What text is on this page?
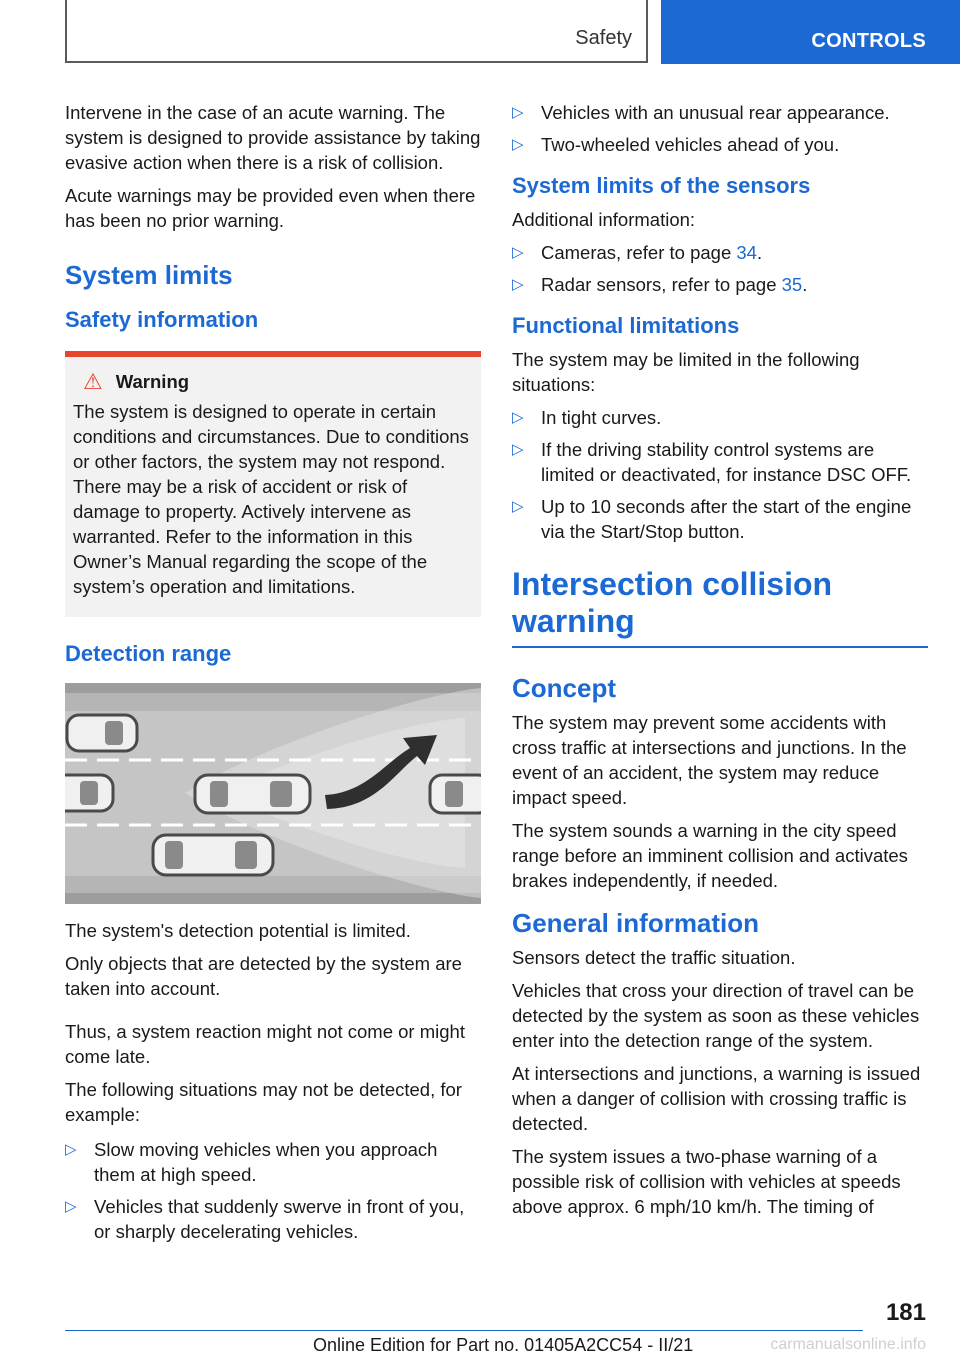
Safety	CONTROLS

Intervene in the case of an acute warning. The system is designed to provide assistance by taking evasive action when there is a risk of collision.

Acute warnings may be provided even when there has been no prior warning.

System limits
Safety information
⚠ Warning

The system is designed to operate in certain conditions and circumstances. Due to conditions or other factors, the system may not respond. There may be a risk of accident or risk of damage to property. Actively intervene as warranted. Refer to the information in this Owner’s Manual regarding the scope of the system’s operation and limitations.

Detection range

The system's detection potential is limited.

Only objects that are detected by the system are taken into account.

Thus, a system reaction might not come or might come late.

The following situations may not be detected, for example:

▷ Slow moving vehicles when you approach them at high speed.
▷ Vehicles that suddenly swerve in front of you, or sharply decelerating vehicles.
▷ Vehicles with an unusual rear appearance.
▷ Two-wheeled vehicles ahead of you.
System limits of the sensors

Additional information:

▷ Cameras, refer to page 34.
▷ Radar sensors, refer to page 35.
Functional limitations

The system may be limited in the following situations:

▷ In tight curves.
▷ If the driving stability control systems are limited or deactivated, for instance DSC OFF.
▷ Up to 10 seconds after the start of the engine via the Start/Stop button.
Intersection collision warning
Concept

The system may prevent some accidents with cross traffic at intersections and junctions. In the event of an accident, the system may reduce impact speed.

The system sounds a warning in the city speed range before an imminent collision and activates brakes independently, if needed.

General information

Sensors detect the traffic situation.

Vehicles that cross your direction of travel can be detected by the system as soon as these vehicles enter into the detection range of the system.

At intersections and junctions, a warning is issued when a danger of collision with crossing traffic is detected.

The system issues a two-phase warning of a possible risk of collision with vehicles at speeds above approx. 6 mph/10 km/h. The timing of

181
Online Edition for Part no. 01405A2CC54 - II/21	carmanualsonline.info
